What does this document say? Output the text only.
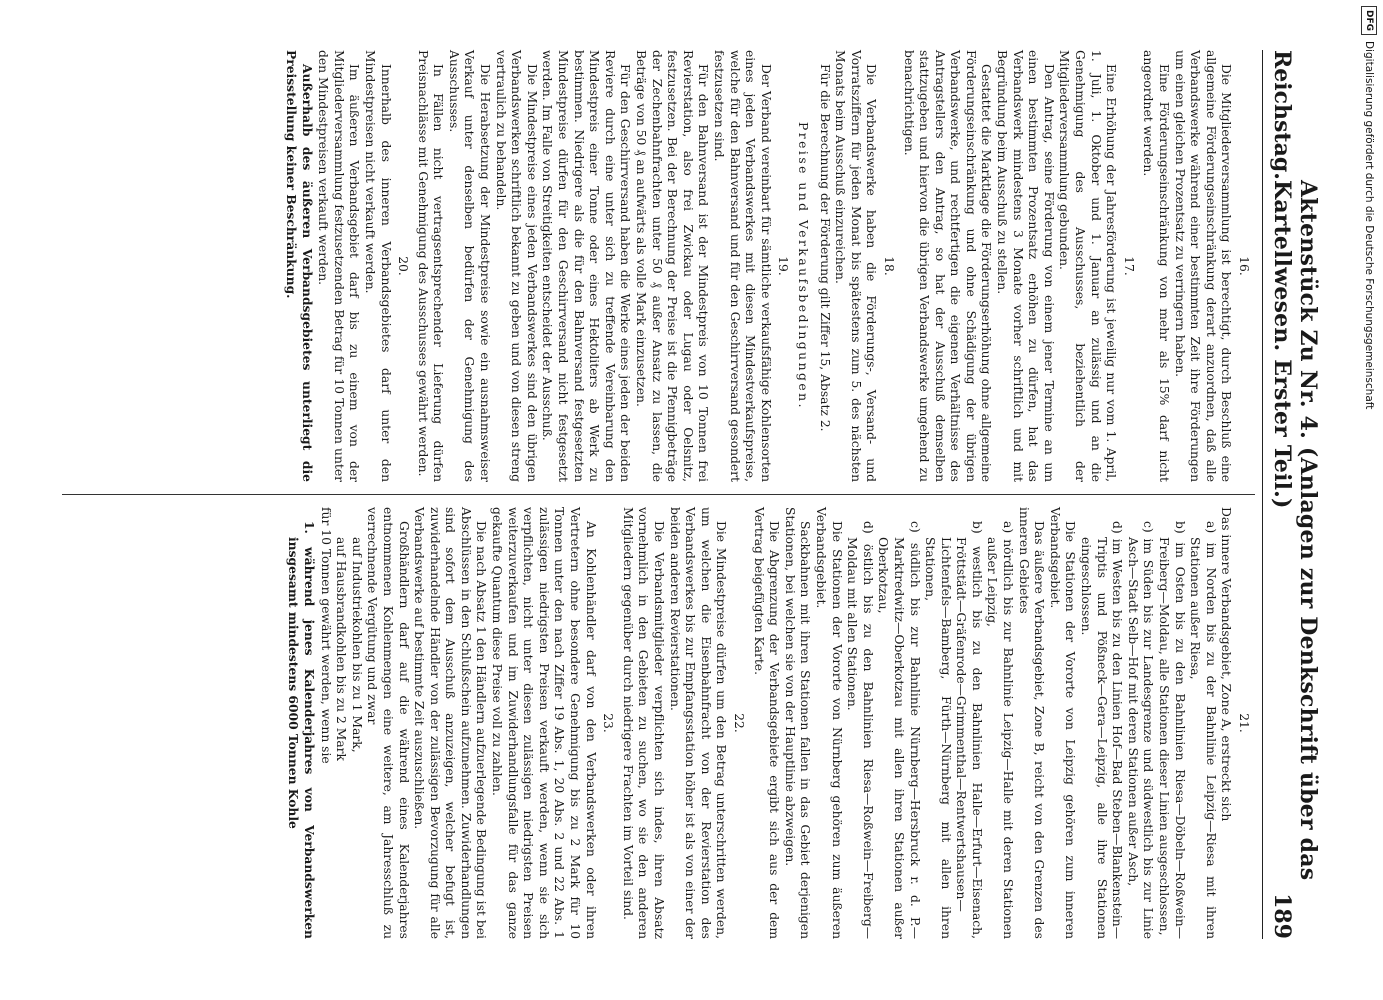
Reichstag.
Aktenstück Zu Nr. 4. (Anlagen zur Denkschrift über das Kartellwesen. Erster Teil.)
189
16.

Die Mitgliederversammlung ist berechtigt, durch Beschluß eine allgemeine Förderungseinschränkung derart anzuordnen, daß alle Verbandswerke während einer bestimmten Zeit ihre Förderungen um einen gleichen Prozentsatz zu verringern haben.

Eine Förderungseinschränkung von mehr als 15% darf nicht angeordnet werden.

17.

Eine Erhöhung der Jahresförderung ist jeweilig nur vom 1. April, 1. Juli, 1. Oktober und 1. Januar an zulässig und an die Genehmigung des Ausschusses, beziehentlich der Mitgliederversammlung gebunden.

Den Antrag, seine Förderung von einem jener Termine an um einen bestimmten Prozentsatz erhöhen zu dürfen, hat das Verbandswerk mindestens 3 Monate vorher schriftlich und mit Begründung beim Ausschuß zu stellen.

Gestattet die Marktlage die Förderungserhöhung ohne allgemeine Förderungseinschränkung und ohne Schädigung der übrigen Verbandswerke, und rechtfertigen die eigenen Verhältnisse des Antragstellers den Antrag, so hat der Ausschuß demselben stattzugeben und hiervon die übrigen Verbandswerke umgehend zu benachrichtigen.

18.

Die Verbandswerke haben die Förderungs-, Versand- und Vorratsziffern für jeden Monat bis spätestens zum 5. des nächsten Monats beim Ausschuß einzureichen.

Für die Berechnung der Förderung gilt Ziffer 15, Absatz 2.

Preise und Verkaufsbedingungen.
19.

Der Verband vereinbart für sämtliche verkaufsfähige Kohlensorten eines jeden Verbandswerkes mit diesen Mindestverkaufspreise, welche für den Bahnversand und für den Geschirrversand gesondert festzusetzen sind.

Für den Bahnversand ist der Mindestpreis von 10 Tonnen frei Revierstation, also frei Zwickau oder Lugau oder Oelsnitz, festzusetzen. Bei der Berechnung der Preise ist die Pfennigbeträge der Zechenbahnfrachten unter 50 ₰ außer Ansatz zu lassen, die Beträge von 50 ₰ an aufwärts als volle Mark einzusetzen.

Für den Geschirrversand haben die Werke eines jeden der beiden Reviere durch eine unter sich zu treffende Vereinbarung den Mindestpreis einer Tonne oder eines Hektoliters ab Werk zu bestimmen. Niedrigere als die für den Bahnversand festgesetzten Mindestpreise dürfen für den Geschirrversand nicht festgesetzt werden. Im Falle von Streitigkeiten entscheidet der Ausschuß.

Die Mindestpreise eines jeden Verbandswerkes sind den übrigen Verbandswerken schriftlich bekannt zu geben und von diesen streng vertraulich zu behandeln.

Die Herabsetzung der Mindestpreise sowie ein ausnahmsweiser Verkauf unter denselben bedürfen der Genehmigung des Ausschusses.

In Fällen nicht vertragsentsprechender Lieferung dürfen Preisnachlässe mit Genehmigung des Ausschusses gewährt werden.

20.

Innerhalb des inneren Verbandsgebietes darf unter den Mindestpreisen nicht verkauft werden.

Im äußeren Verbandsgebiet darf bis zu einem von der Mitgliederversammlung festzusetzenden Betrag für 10 Tonnen unter den Mindestpreisen verkauft werden.

Außerhalb des äußeren Verbandsgebietes unterliegt die Preisstellung keiner Beschränkung.

21.

Das innere Verbandsgebiet, Zone A, erstreckt sich

a) im Norden bis zu der Bahnlinie Leipzig—Riesa mit ihren Stationen außer Riesa,

b) im Osten bis zu den Bahnlinien Riesa—Döbeln—Roßwein—Freiberg—Moldau, alle Stationen dieser Linien ausgeschlossen,

c) im Süden bis zur Landesgrenze und südwestlich bis zur Linie Asch—Stadt Selb—Hof mit deren Stationen außer Asch,

d) im Westen bis zu den Linien Hof—Bad Steben—Blankenstein—Triptis und Pößneck—Gera—Leipzig, alle ihre Stationen eingeschlossen.

Die Stationen der Vororte von Leipzig gehören zum inneren Verbandsgebiet.

Das äußere Verbandsgebiet, Zone B, reicht von den Grenzen des inneren Gebietes

a) nördlich bis zur Bahnlinie Leipzig—Halle mit deren Stationen außer Leipzig,

b) westlich bis zu den Bahnlinien Halle—Erfurt—Eisenach, Fröttstädt—Gräfenrode—Grimmenthal—Rentwertshausen—Lichtenfels—Bamberg, Fürth—Nürnberg mit allen ihren Stationen,

c) südlich bis zur Bahnlinie Nürnberg—Hersbruck r. d. P.—Marktredwitz—Oberkotzau mit allen ihren Stationen außer Oberkotzau,

d) östlich bis zu den Bahnlinien Riesa—Roßwein—Freiberg—Moldau mit allen Stationen.

Die Stationen der Vororte von Nürnberg gehören zum äußeren Verbandsgebiet.

Sackbahnen mit ihren Stationen fallen in das Gebiet derjenigen Stationen, bei welchen sie von der Hauptlinie abzweigen.

Die Abgrenzung der Verbandsgebiete ergibt sich aus der dem Vertrag beigefügten Karte.

22.

Die Mindestpreise dürfen um den Betrag unterschritten werden, um welchen die Eisenbahnfracht von der Revierstation des Verbandswerkes bis zur Empfangsstation höher ist als von einer der beiden anderen Revierstationen.

Die Verbandsmitglieder verpflichten sich indes, ihren Absatz vornehmlich in den Gebieten zu suchen, wo sie den anderen Mitgliedern gegenüber durch niedrigere Frachten im Vorteil sind.

23.

An Kohlenhändler darf von den Verbandswerken oder ihren Vertretern ohne besondere Genehmigung bis zu 2 Mark für 10 Tonnen unter den nach Ziffer 19 Abs. 1, 20 Abs. 2 und 22 Abs. 1 zulässigen niedrigsten Preisen verkauft werden, wenn sie sich verpflichten, nicht unter diesen zulässigen niedrigsten Preisen weiterzuverkaufen und im Zuwiderhandlungsfalle für das ganze gekaufte Quantum diese Preise voll zu zahlen.

Die nach Absatz 1 den Händlern aufzuerlegende Bedingung ist bei Abschlüssen in den Schlußschein aufzunehmen. Zuwiderhandlungen sind sofort dem Ausschuß anzuzeigen, welcher befugt ist, zuwiderhandelnde Händler von der zulässigen Bevorzugung für alle Verbandswerke auf bestimmte Zeit auszuschließen.

Großhändlern darf auf die während eines Kalenderjahres entnommenen Kohlenmengen eine weitere, am Jahresschluß zu verrechnende Vergütung und zwar

auf Industriekohlen bis zu 1 Mark,

auf Hausbrandkohlen bis zu 2 Mark

für 10 Tonnen gewährt werden, wenn sie

1. während jenes Kalenderjahres von Verbandswerken insgesamt mindestens 6000 Tonnen Kohle

DFG
Digitalisierung gefördert durch die Deutsche Forschungsgemeinschaft
